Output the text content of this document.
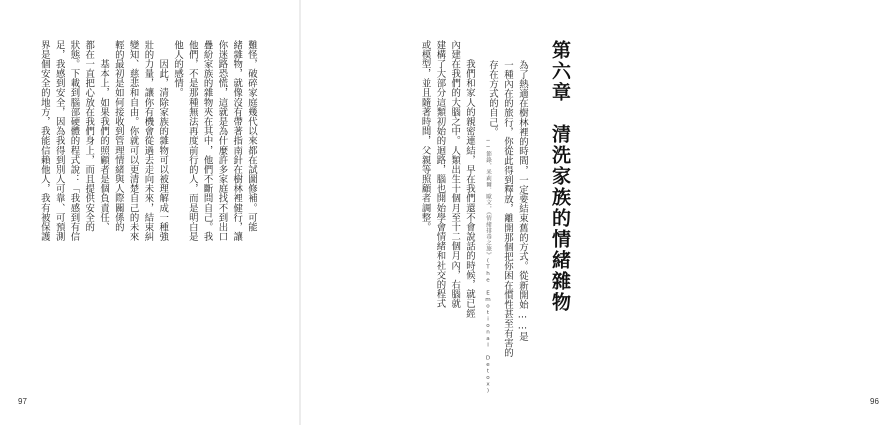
難怪，破碎家庭幾代以來都在試圖修補。可能
緒雜物，就像沒有帶著指南針在樹林裡健行，讓
你迷路恐慌，這就是為什麼許多家庭找不到出口
疊紛家族的雜物夾在其中，他們不斷問自己。我
他們，不是那種無法再度前行的人，而是明白是
他人的感情。
　　因此，清除家族的雜物可以被理解成一種強
壯的力量，讓你有機會從過去走向未來，結束糾
變知、慈悲和自由。你就可以更清楚自己的未來
輕的最初是如何接收到管理情緒與人際關係的
　　基本上，如果我們的照顧者是個負責任、
都在一直把心放在我們身上，而且提供安全的
狀態。下載到腦部硬體的程式說：「我感到有信
足，我感到安全，因為我得到別人可靠、可預測
界是個安全的地方，我能信賴他人，我有被保護
97
第六章　清洗家族的情緒雜物
為了熱適在樹林裡的時間，一定要結束舊的方式。從新開始……是
一種內在的旅行，你從此得到釋放，離開那個把你困在慣性甚至有害的
存在方式的自己。
──節錄，米莉爾．歐文，《情緒排毒之旅》(The Emotional Detox)
　　我們和家人的親密連結，早在我們還不會說話的時候，就已經
內建在我們的大腦之中。人類出生十個月至十二個月內，右腦就
建構了大部分這類初始的迴路，腦也開始學會情緒和社交的程式
或模型，並且隨著時間，父親等照顧者調整。
96
